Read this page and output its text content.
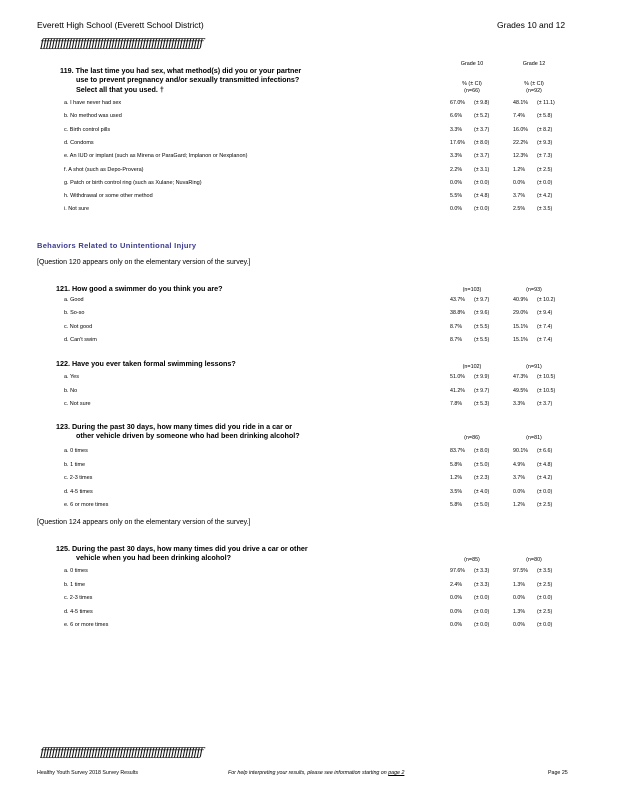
Everett High School (Everett School District)	Grades 10 and 12
ƒƒƒƒƒƒƒƒƒƒƒƒƒƒƒƒƒƒƒƒƒƒƒƒƒƒƒƒƒƒƒƒƒƒƒƒƒƒƒƒƒƒƒƒƒƒƒƒƒƒƒƒƒƒƒƒƒ
Grade 10	Grade 12
% (± CI)	% (± CI)
119. The last time you had sex, what method(s) did you or your partner
use to prevent pregnancy and/or sexually transmitted infections?
Select all that you used. †	(n=66)	(n=92)
a. I have never had sex	67.0% (± 9.8)	48.1% (± 11.1)
b. No method was used	6.6% (± 5.2)	7.4% (± 5.8)
c. Birth control pills	3.3% (± 3.7)	16.0% (± 8.2)
d. Condoms	17.6% (± 8.0)	22.2% (± 9.3)
e. An IUD or implant (such as Mirena or ParaGard; Implanon or Nexplanon)	3.3% (± 3.7)	12.3% (± 7.3)
f. A shot (such as Depo-Provera)	2.2% (± 3.1)	1.2% (± 2.5)
g. Patch or birth control ring (such as Xulane; NuvaRing)	0.0% (± 0.0)	0.0% (± 0.0)
h. Withdrawal or some other method	5.5% (± 4.8)	3.7% (± 4.2)
i. Not sure	0.0% (± 0.0)	2.5% (± 3.5)
Behaviors Related to Unintentional Injury
[Question 120 appears only on the elementary version of the survey.]
121. How good a swimmer do you think you are?	(n=103)	(n=93)
a. Good	43.7% (± 9.7)	40.9% (± 10.2)
b. So-so	38.8% (± 9.6)	29.0% (± 9.4)
c. Not good	8.7% (± 5.5)	15.1% (± 7.4)
d. Can't swim	8.7% (± 5.5)	15.1% (± 7.4)
122. Have you ever taken formal swimming lessons?	(n=102)	(n=91)
a. Yes	51.0% (± 9.9)	47.3% (± 10.5)
b. No	41.2% (± 9.7)	49.5% (± 10.5)
c. Not sure	7.8% (± 5.3)	3.3% (± 3.7)
123. During the past 30 days, how many times did you ride in a car or
other vehicle driven by someone who had been drinking alcohol?	(n=86)	(n=81)
a. 0 times	83.7% (± 8.0)	90.1% (± 6.6)
b. 1 time	5.8% (± 5.0)	4.9% (± 4.8)
c. 2-3 times	1.2% (± 2.3)	3.7% (± 4.2)
d. 4-5 times	3.5% (± 4.0)	0.0% (± 0.0)
e. 6 or more times	5.8% (± 5.0)	1.2% (± 2.5)
[Question 124 appears only on the elementary version of the survey.]
125. During the past 30 days, how many times did you drive a car or other
vehicle when you had been drinking alcohol?	(n=85)	(n=80)
a. 0 times	97.6% (± 3.3)	97.5% (± 3.5)
b. 1 time	2.4% (± 3.3)	1.3% (± 2.5)
c. 2-3 times	0.0% (± 0.0)	0.0% (± 0.0)
d. 4-5 times	0.0% (± 0.0)	1.3% (± 2.5)
e. 6 or more times	0.0% (± 0.0)	0.0% (± 0.0)
ƒƒƒƒƒƒƒƒƒƒƒƒƒƒƒƒƒƒƒƒƒƒƒƒƒƒƒƒƒƒƒƒƒƒƒƒƒƒƒƒƒƒƒƒƒƒƒƒƒƒƒƒƒƒƒƒƒ
Healthy Youth Survey 2018 Survey Results	For help interpreting your results, please see information starting on page 2	Page 25
